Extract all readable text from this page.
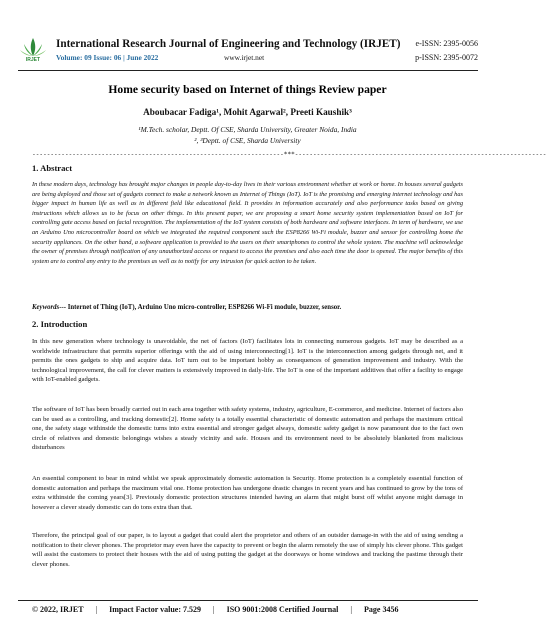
IRJET
International Research Journal of Engineering and Technology (IRJET)
Volume: 09 Issue: 06 | June 2022	www.irjet.net
e-ISSN: 2395-0056
p-ISSN: 2395-0072
Home security based on Internet of things Review paper
Aboubacar Fadiga¹, Mohit Agarwal², Preeti Kaushik³
¹M.Tech. scholar, Deptt. Of CSE, Sharda University, Greater Noida, India
², ³Deptt. of CSE, Sharda University
---------------------------------------------------------------------***---------------------------------------------------------------------
1. Abstract
In these modern days, technology has brought major changes in people day-to-day lives in their various environment whether at work or home. In houses several gadgets are being deployed and those set of gadgets connect to make a network known as Internet of Things (IoT). IoT is the promising and emerging internet technology and has bigger impact in human life as well as in different field like educational field. It provides in information accurately and also performance tasks based on giving instructions which allows us to be focus on other things. In this present paper, we are proposing a smart home security system implementation based on IoT for controlling gate access based on facial recognition. The implementation of the IoT system consists of both hardware and software interfaces. In term of hardware, we use an Arduino Uno microcontroller board on which we integrated the required component such the ESP8266 Wi-Fi module, buzzer and sensor for controlling home the security appliances. On the other hand, a software application is provided to the users on their smartphones to control the whole system. The machine will acknowledge the owner of premises through notification of any unauthorized access or request to access the premises and also each time the door is opened. The major benefits of this system are to control any entry to the premises as well as to notify for any intrusion for quick action to be taken.
Keywords--- Internet of Thing (IoT), Arduino Uno micro-controller, ESP8266 Wi-Fi module, buzzer, sensor.
2. Introduction
In this new generation where technology is unavoidable, the net of factors (IoT) facilitates lots in connecting numerous gadgets. IoT may be described as a worldwide infrastructure that permits superior offerings with the aid of using interconnecting[1]. IoT is the interconnection among gadgets through net, and it permits the ones gadgets to ship and acquire data. IoT turn out to be important hobby as consequences of generation improvement and industry. With the technological improvement, the call for clever matters is extensively improved in daily-life. The IoT is one of the important additives that offer a facility to engage with IoT-enabled gadgets.
The software of IoT has been broadly carried out in each area together with safety systems, industry, agriculture, E-commerce, and medicine. Internet of factors also can be used as a controlling, and tracking domestic[2]. Home safety is a totally essential characteristic of domestic automation and perhaps the maximum critical one, the safety stage withinside the domestic turns into extra essential and stronger gadget always, domestic safety gadget is now paramount due to the fact own circle of relatives and domestic belongings wishes a steady vicinity and safe. Houses and its environment need to be absolutely blanketed from malicious disturbances
An essential component to bear in mind whilst we speak approximately domestic automation is Security. Home protection is a completely essential function of domestic automation and perhaps the maximum vital one. Home protection has undergone drastic changes in recent years and has continued to grow by the tons of extra withinside the coming years[3]. Previously domestic protection structures intended having an alarm that might burst off whilst anyone might damage in however a clever steady domestic can do tons extra than that.
Therefore, the principal goal of our paper, is to layout a gadget that could alert the proprietor and others of an outsider damage-in with the aid of using sending a notification to their clever phones. The proprietor may even have the capacity to prevent or begin the alarm remotely the use of simply his clever phone. This gadget will assist the customers to protect their houses with the aid of using putting the gadget at the doorways or home windows and tracking the pastime through their clever phones.
© 2022, IRJET | Impact Factor value: 7.529 | ISO 9001:2008 Certified Journal | Page 3456
